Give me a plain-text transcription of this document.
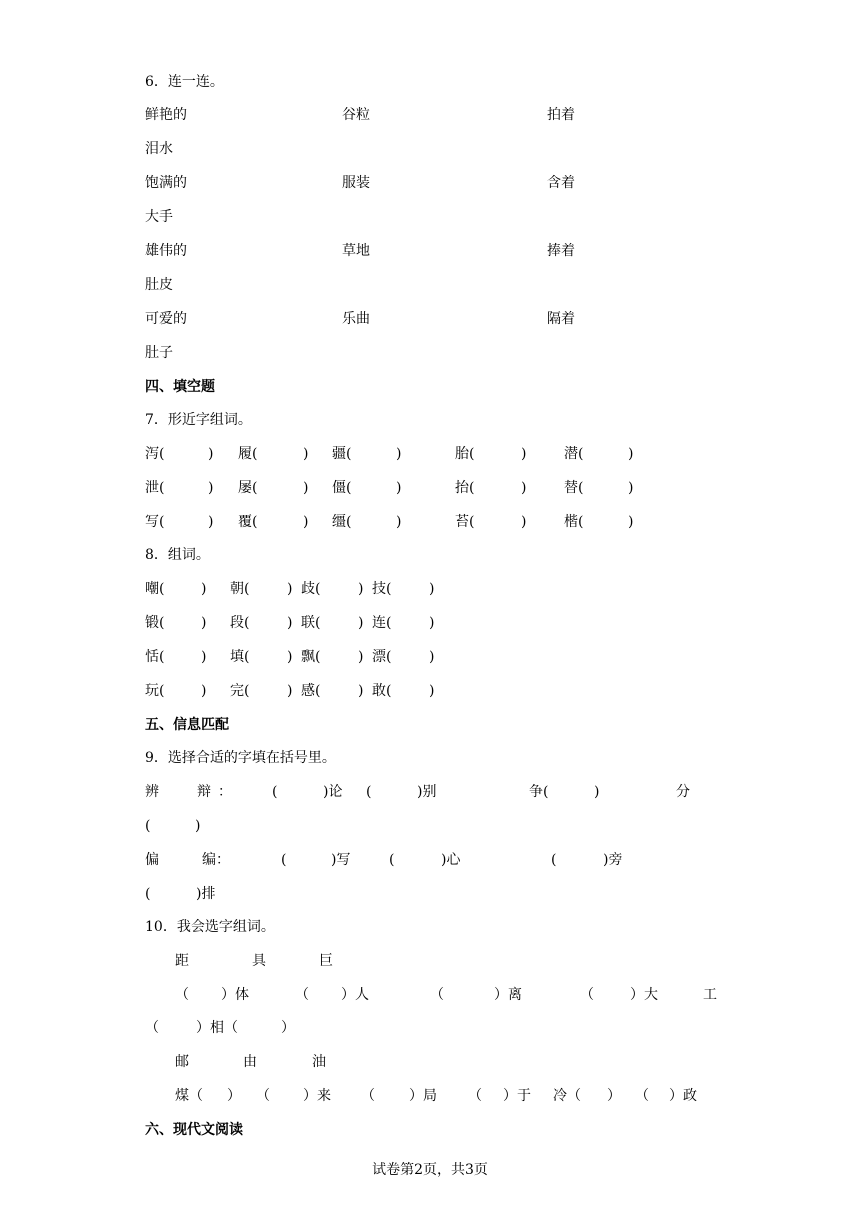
6．连一连。
鲜艳的	谷粒	拍着
泪水
饱满的	服装	含着
大手
雄伟的	草地	捧着
肚皮
可爱的	乐曲	隔着
肚子
四、填空题
7．形近字组词。
泻(	) 履(	) 疆(	)	胎(	)	潜(	)
泄(	) 屡(	) 僵(	)	抬(	)	替(	)
写(	) 覆(	) 缰(	)	苔(	)	楷(	)
8．组词。
嘲(	) 朝(	) 歧(	) 技(	)
锻(	) 段(	) 联(	) 连(	)
恬(	) 填(	) 飘(	) 漂(	)
玩(	) 完(	) 感(	) 敢(	)
五、信息匹配
9．选择合适的字填在括号里。
辨	辩 ：	(	)论 (	)别	争(	)	分
(	)
偏	编：	(	)写	(	)心	(	)旁
(	)排
10．我会选字组词。
距	具	巨
（ ）体	（ ）人	（	）离	（	）大	工
（	）相（	）
邮	由	油
煤（ ） （ ）来 （ ）局 （ ）于 冷（ ） （ ）政
六、现代文阅读
试卷第2页，共3页
